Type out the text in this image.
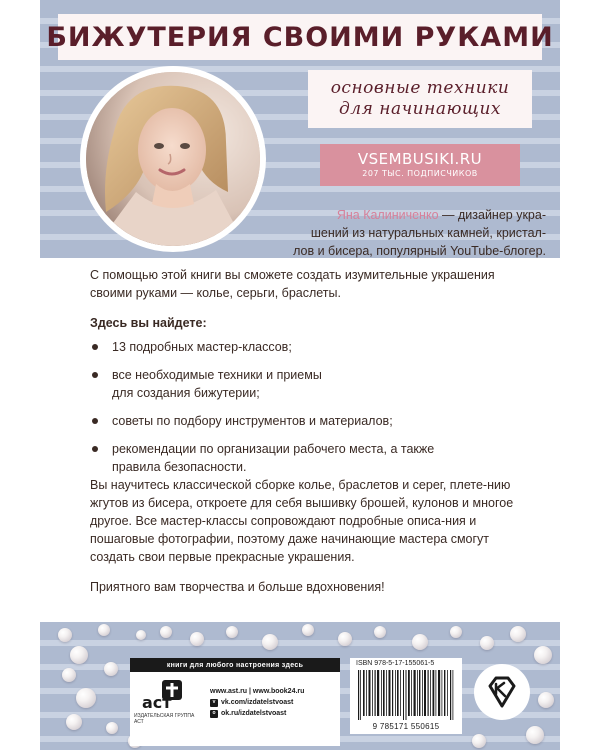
БИЖУТЕРИЯ СВОИМИ РУКАМИ
основные техники
для начинающих
VSEMBUSIKI.RU
207 ТЫС. ПОДПИСЧИКОВ
Яна Калиниченко — дизайнер укра-
шений из натуральных камней, кристал-
лов и бисера, популярный YouTube-блогер.

С помощью этой книги вы сможете создать изумительные украшения своими руками — колье, серьги, браслеты.

Здесь вы найдете:

13 подробных мастер-классов;
все необходимые техники и приемы для создания бижутерии;
советы по подбору инструментов и материалов;
рекомендации по организации рабочего места, а также правила безопасности.

Вы научитесь классической сборке колье, браслетов и серег, плете-нию жгутов из бисера, откроете для себя вышивку брошей, кулонов и многое другое. Все мастер-классы сопровождают подробные описа-ния и пошаговые фотографии, поэтому даже начинающие мастера смогут создать свои первые прекрасные украшения.

Приятного вам творчества и больше вдохновения!

книги для любого настроения здесь
аст
ИЗДАТЕЛЬСКАЯ ГРУППА АСТ
www.ast.ru | www.book24.ru
v vk.com/izdatelstvoast
o ok.ru/izdatelstvoast
ISBN 978-5-17-155061-5
9 785171 550615
